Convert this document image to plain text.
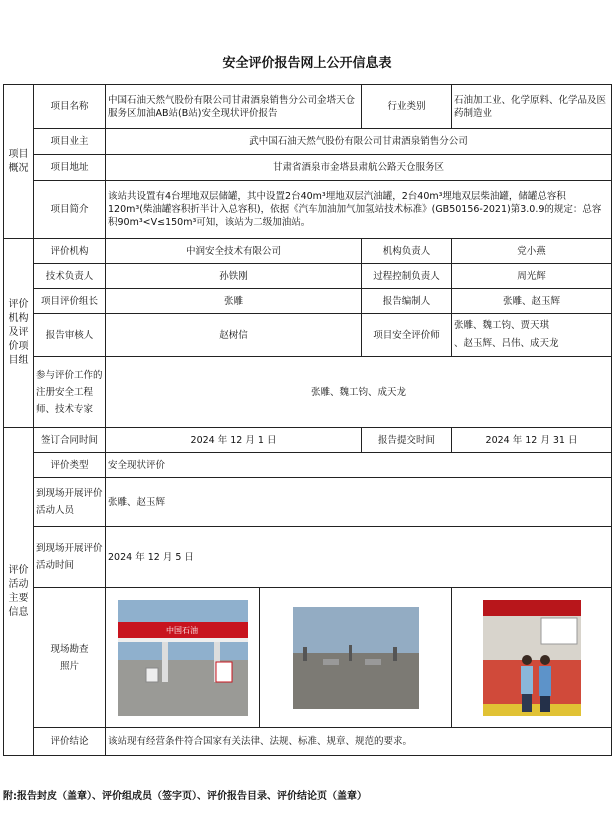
安全评价报告网上公开信息表
项目概况	项目名称	中国石油天然气股份有限公司甘肃酒泉销售分公司金塔天仓服务区加油AB站(B站)安全现状评价报告		行业类别	石油加工业、化学原料、化学品及医药制造业
	项目业主	武中国石油天然气股份有限公司甘肃酒泉销售分公司			
	项目地址	甘肃省酒泉市金塔县肃航公路天仓服务区			
	项目简介	该站共设置有4台埋地双层储罐，其中设置2台40m³埋地双层汽油罐，2台40m³埋地双层柴油罐，储罐总容积120m³(柴油罐容积折半计入总容积)，依据《汽车加油加气加氢站技术标准》(GB50156-2021)第3.0.9的规定：总容积90m³<V≤150m³可知，该站为二级加油站。			
评价机构及评价项目组	评价机构	中润安全技术有限公司		机构负责人	党小燕
	技术负责人	孙铁刚		过程控制负责人	周光辉
	项目评价组长	张雕		报告编制人	张雕、赵玉辉
	报告审核人	赵树信		项目安全评价师	张雕、魏工钧、贾天琪
、赵玉辉、吕伟、成天龙

	参与评价工作的注册安全工程师、技术专家	张雕、魏工钧、成天龙			
评价活动主要信息	签订合同时间	2024 年 12 月 1 日		报告提交时间	2024 年 12 月 31 日
	评价类型	安全现状评价			
	到现场开展评价活动人员	张雕、赵玉辉			
	到现场开展评价活动时间	2024 年 12 月 5 日			
	现场勘查照片	中国石油

	评价结论	该站现有经营条件符合国家有关法律、法规、标准、规章、规范的要求。			
附:报告封皮（盖章）、评价组成员（签字页）、评价报告目录、评价结论页（盖章）
